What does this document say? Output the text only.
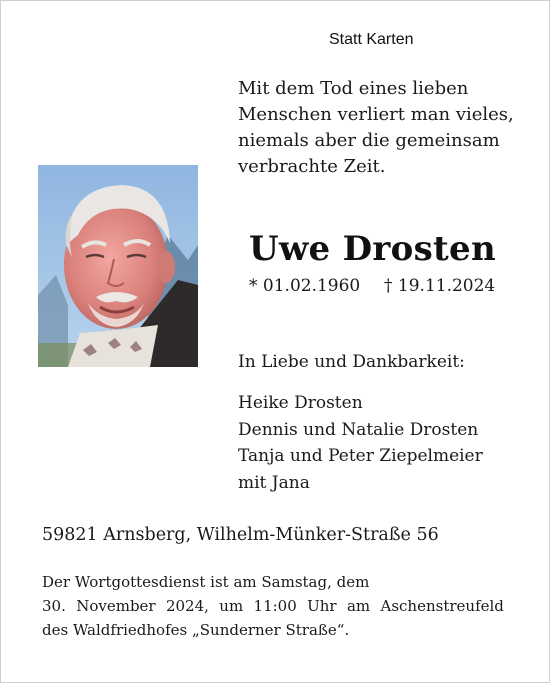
Statt Karten
Mit dem Tod eines lieben
Menschen verliert man vieles,
niemals aber die gemeinsam
verbrachte Zeit.
Uwe Drosten
* 01.02.1960 † 19.11.2024
In Liebe und Dankbarkeit:
Heike Drosten
Dennis und Natalie Drosten
Tanja und Peter Ziepelmeier
mit Jana
59821 Arnsberg, Wilhelm-Münker-Straße 56
Der Wortgottesdienst ist am Samstag, dem
30. November 2024, um 11:00 Uhr am Aschenstreufeld
des Waldfriedhofes „Sunderner Straße“.
